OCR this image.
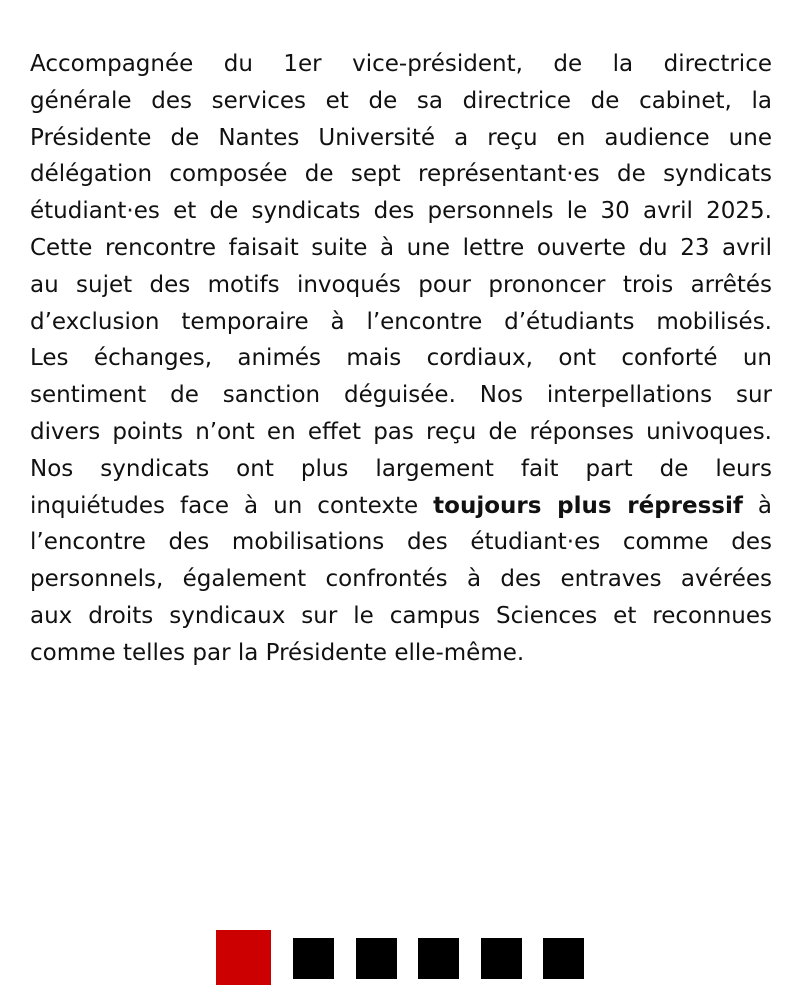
Accompagnée du 1er vice-président, de la directrice
générale des services et de sa directrice de cabinet, la
Présidente de Nantes Université a reçu en audience une
délégation composée de sept représentant·es de syndicats
étudiant·es et de syndicats des personnels le 30 avril 2025.
Cette rencontre faisait suite à une lettre ouverte du 23 avril
au sujet des motifs invoqués pour prononcer trois arrêtés
d’exclusion temporaire à l’encontre d’étudiants mobilisés.
Les échanges, animés mais cordiaux, ont conforté un
sentiment de sanction déguisée. Nos interpellations sur
divers points n’ont en effet pas reçu de réponses univoques.
Nos syndicats ont plus largement fait part de leurs
inquiétudes face à un contexte toujours plus répressif à
l’encontre des mobilisations des étudiant·es comme des
personnels, également confrontés à des entraves avérées
aux droits syndicaux sur le campus Sciences et reconnues
comme telles par la Présidente elle-même.
